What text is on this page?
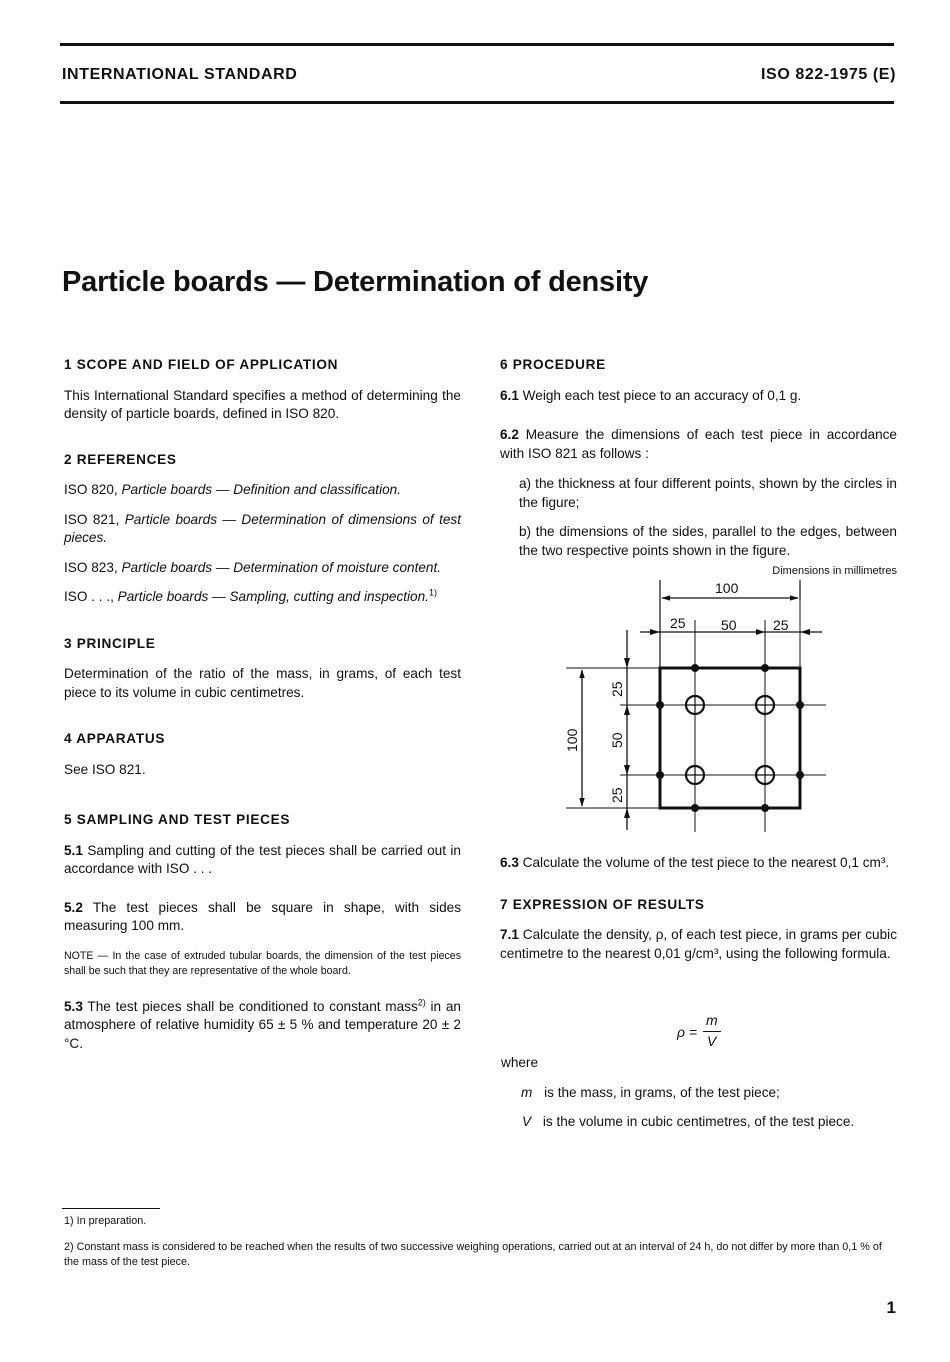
INTERNATIONAL STANDARD	ISO 822-1975 (E)
Particle boards — Determination of density

1 SCOPE AND FIELD OF APPLICATION

This International Standard specifies a method of determining the density of particle boards, defined in ISO 820.

2 REFERENCES

ISO 820, Particle boards — Definition and classification.

ISO 821, Particle boards — Determination of dimensions of test pieces.

ISO 823, Particle boards — Determination of moisture content.

ISO . . ., Particle boards — Sampling, cutting and inspection.$^{1)}$

3 PRINCIPLE

Determination of the ratio of the mass, in grams, of each test piece to its volume in cubic centimetres.

4 APPARATUS

See ISO 821.

5 SAMPLING AND TEST PIECES

5.1 Sampling and cutting of the test pieces shall be carried out in accordance with ISO . . .

5.2 The test pieces shall be square in shape, with sides measuring 100 mm.

NOTE — In the case of extruded tubular boards, the dimension of the test pieces shall be such that they are representative of the whole board.

5.3 The test pieces shall be conditioned to constant mass$^{2)}$ in an atmosphere of relative humidity 65 ± 5 % and temperature 20 ± 2 °C.

6 PROCEDURE

6.1 Weigh each test piece to an accuracy of 0,1 g.

6.2 Measure the dimensions of each test piece in accordance with ISO 821 as follows :

a) the thickness at four different points, shown by the circles in the figure;

b) the dimensions of the sides, parallel to the edges, between the two respective points shown in the figure.

Dimensions in millimetres
100
25	50	25
100
25
50
25

6.3 Calculate the volume of the test piece to the nearest 0,1 cm³.

7 EXPRESSION OF RESULTS

7.1 Calculate the density, ρ, of each test piece, in grams per cubic centimetre to the nearest 0,01 g/cm³, using the following formula.

ρ =
m
V
where
m is the mass, in grams, of the test piece;
V is the volume in cubic centimetres, of the test piece.
1) In preparation.
2) Constant mass is considered to be reached when the results of two successive weighing operations, carried out at an interval of 24 h, do not differ by more than 0,1 % of the mass of the test piece.
1
